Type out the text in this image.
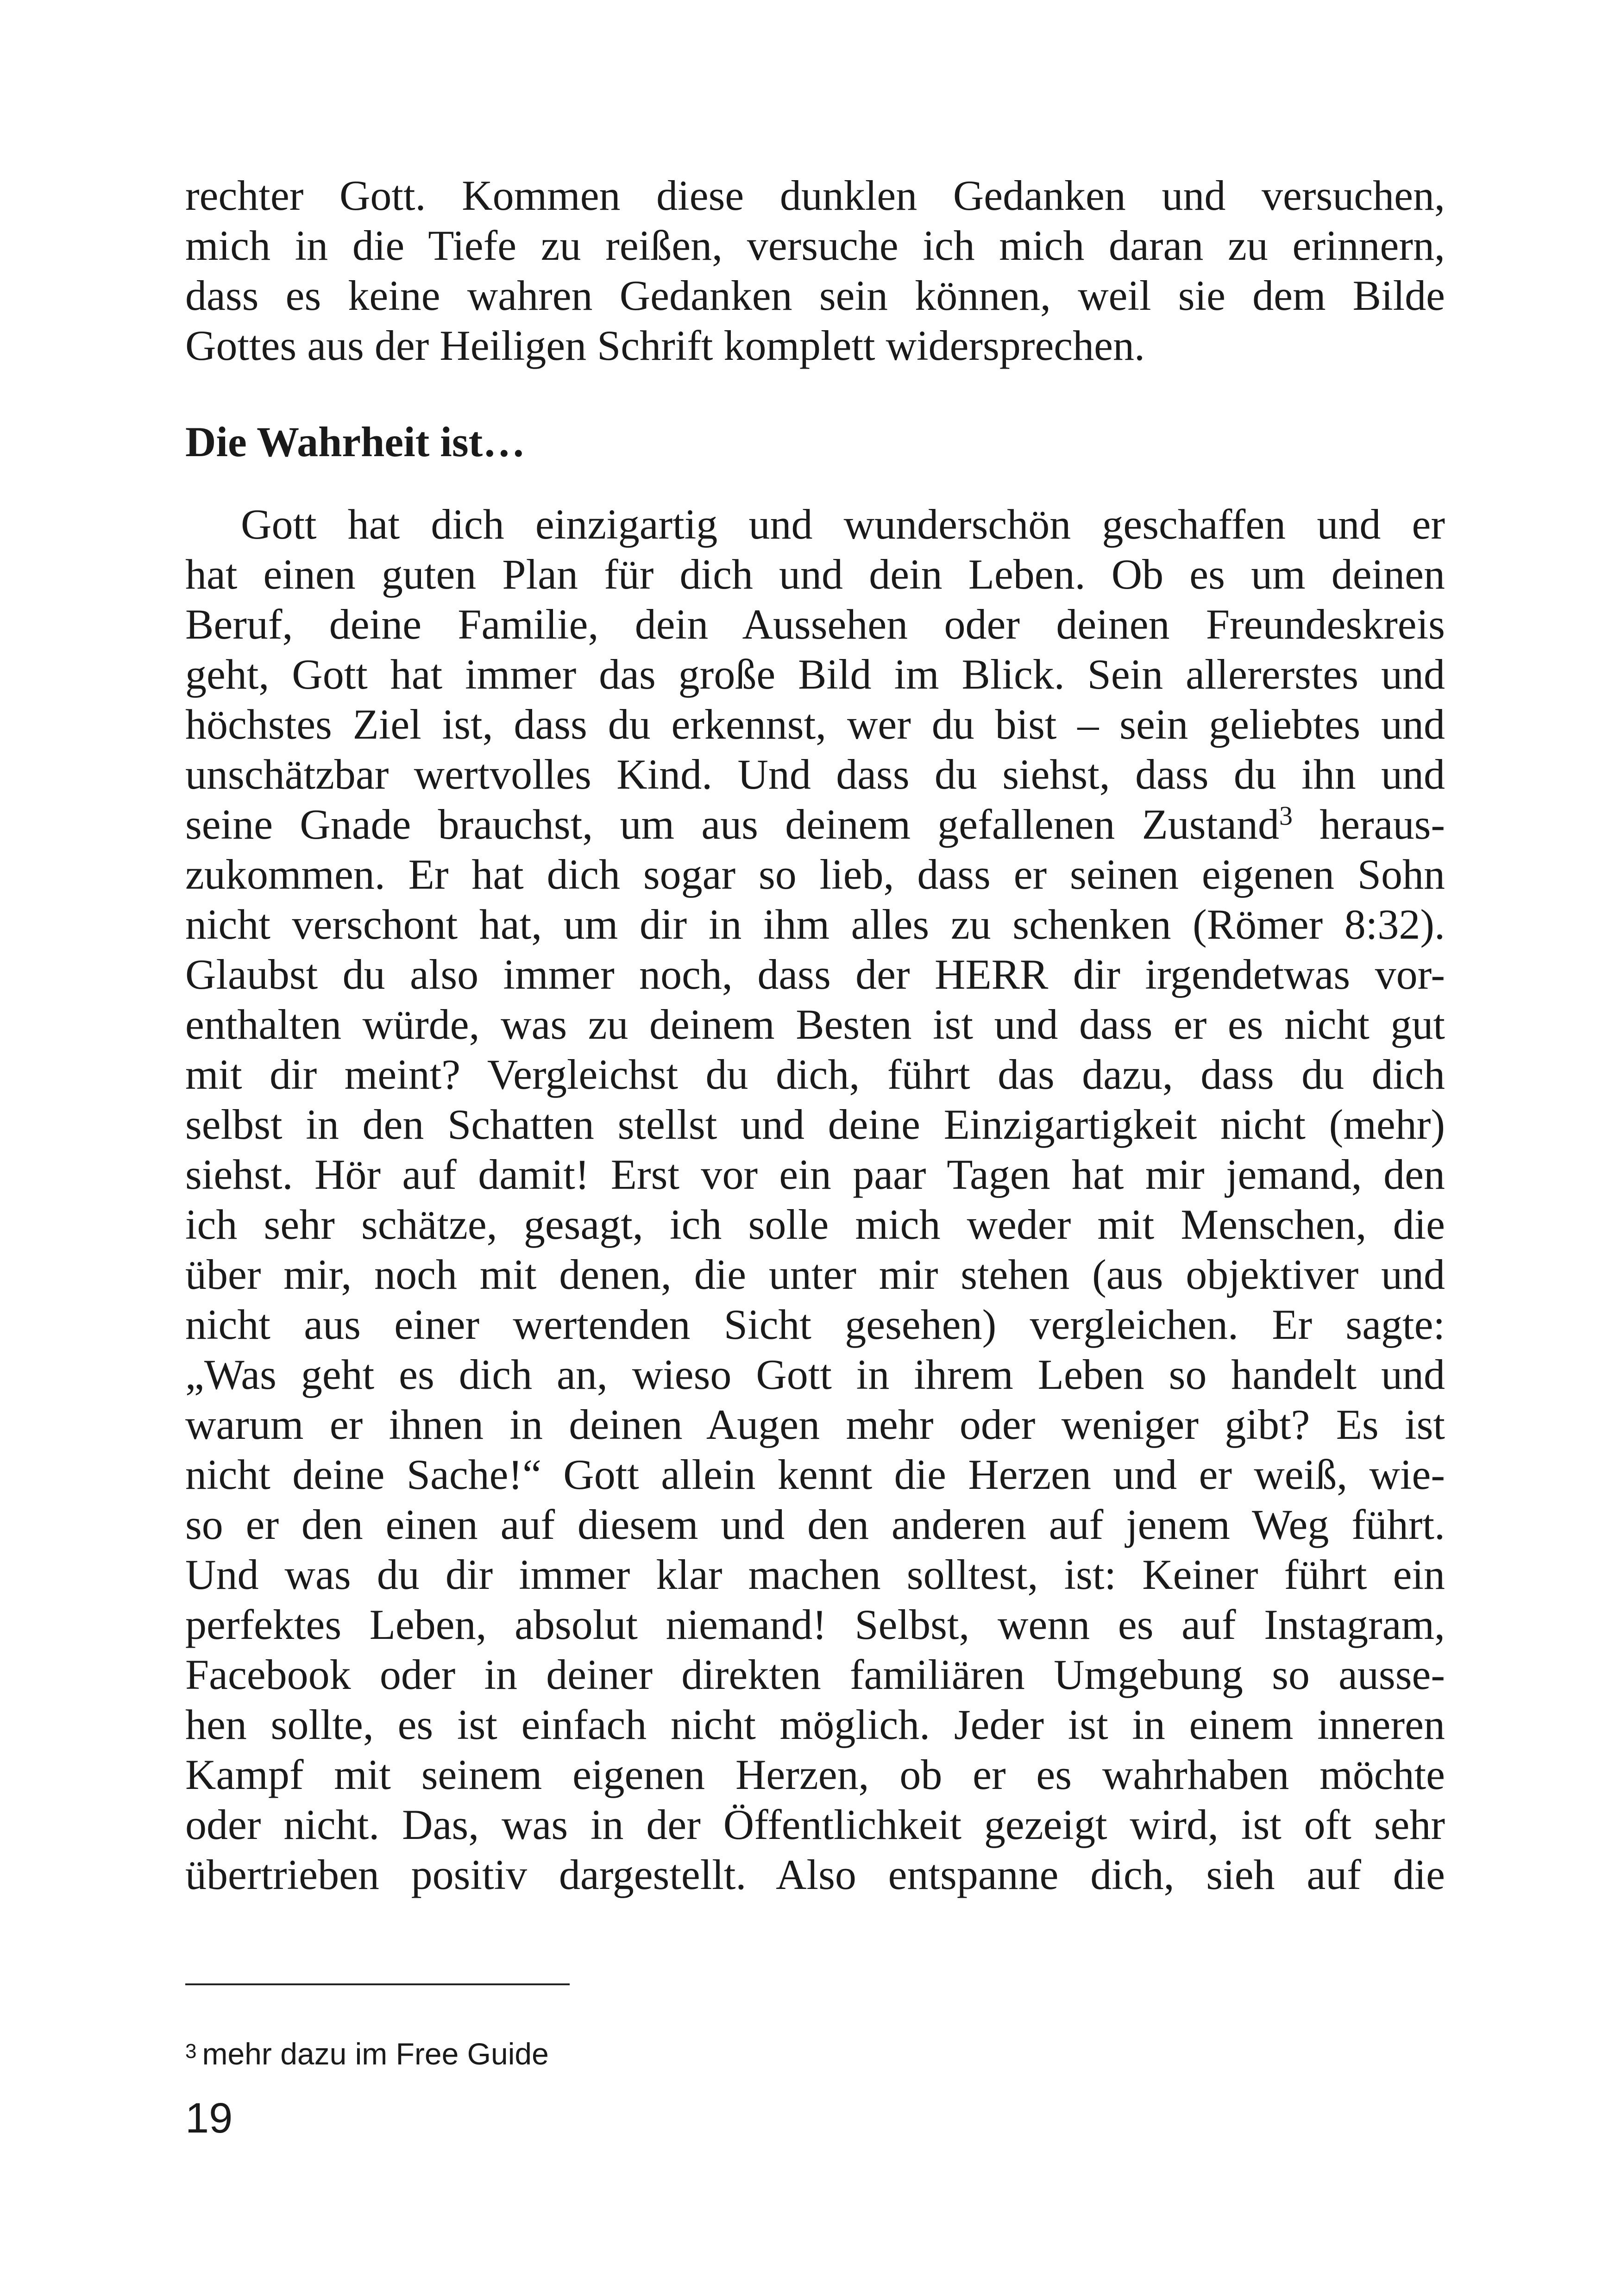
rechter Gott. Kommen diese dunklen Gedanken und versuchen,
mich in die Tiefe zu reißen, versuche ich mich daran zu erinnern,
dass es keine wahren Gedanken sein können, weil sie dem Bilde
Gottes aus der Heiligen Schrift komplett widersprechen.
Die Wahrheit ist…
Gott hat dich einzigartig und wunderschön geschaffen und er
hat einen guten Plan für dich und dein Leben. Ob es um deinen
Beruf, deine Familie, dein Aussehen oder deinen Freundeskreis
geht, Gott hat immer das große Bild im Blick. Sein allererstes und
höchstes Ziel ist, dass du erkennst, wer du bist – sein geliebtes und
unschätzbar wertvolles Kind. Und dass du siehst, dass du ihn und
seine Gnade brauchst, um aus deinem gefallenen Zustand$^3$ heraus-
zukommen. Er hat dich sogar so lieb, dass er seinen eigenen Sohn
nicht verschont hat, um dir in ihm alles zu schenken (Römer 8:32).
Glaubst du also immer noch, dass der HERR dir irgendetwas vor-
enthalten würde, was zu deinem Besten ist und dass er es nicht gut
mit dir meint? Vergleichst du dich, führt das dazu, dass du dich
selbst in den Schatten stellst und deine Einzigartigkeit nicht (mehr)
siehst. Hör auf damit! Erst vor ein paar Tagen hat mir jemand, den
ich sehr schätze, gesagt, ich solle mich weder mit Menschen, die
über mir, noch mit denen, die unter mir stehen (aus objektiver und
nicht aus einer wertenden Sicht gesehen) vergleichen. Er sagte:
„Was geht es dich an, wieso Gott in ihrem Leben so handelt und
warum er ihnen in deinen Augen mehr oder weniger gibt? Es ist
nicht deine Sache!“ Gott allein kennt die Herzen und er weiß, wie-
so er den einen auf diesem und den anderen auf jenem Weg führt.
Und was du dir immer klar machen solltest, ist: Keiner führt ein
perfektes Leben, absolut niemand! Selbst, wenn es auf Instagram,
Facebook oder in deiner direkten familiären Umgebung so ausse-
hen sollte, es ist einfach nicht möglich. Jeder ist in einem inneren
Kampf mit seinem eigenen Herzen, ob er es wahrhaben möchte
oder nicht. Das, was in der Öffentlichkeit gezeigt wird, ist oft sehr
übertrieben positiv dargestellt. Also entspanne dich, sieh auf die
$^3$ mehr dazu im Free Guide
19
